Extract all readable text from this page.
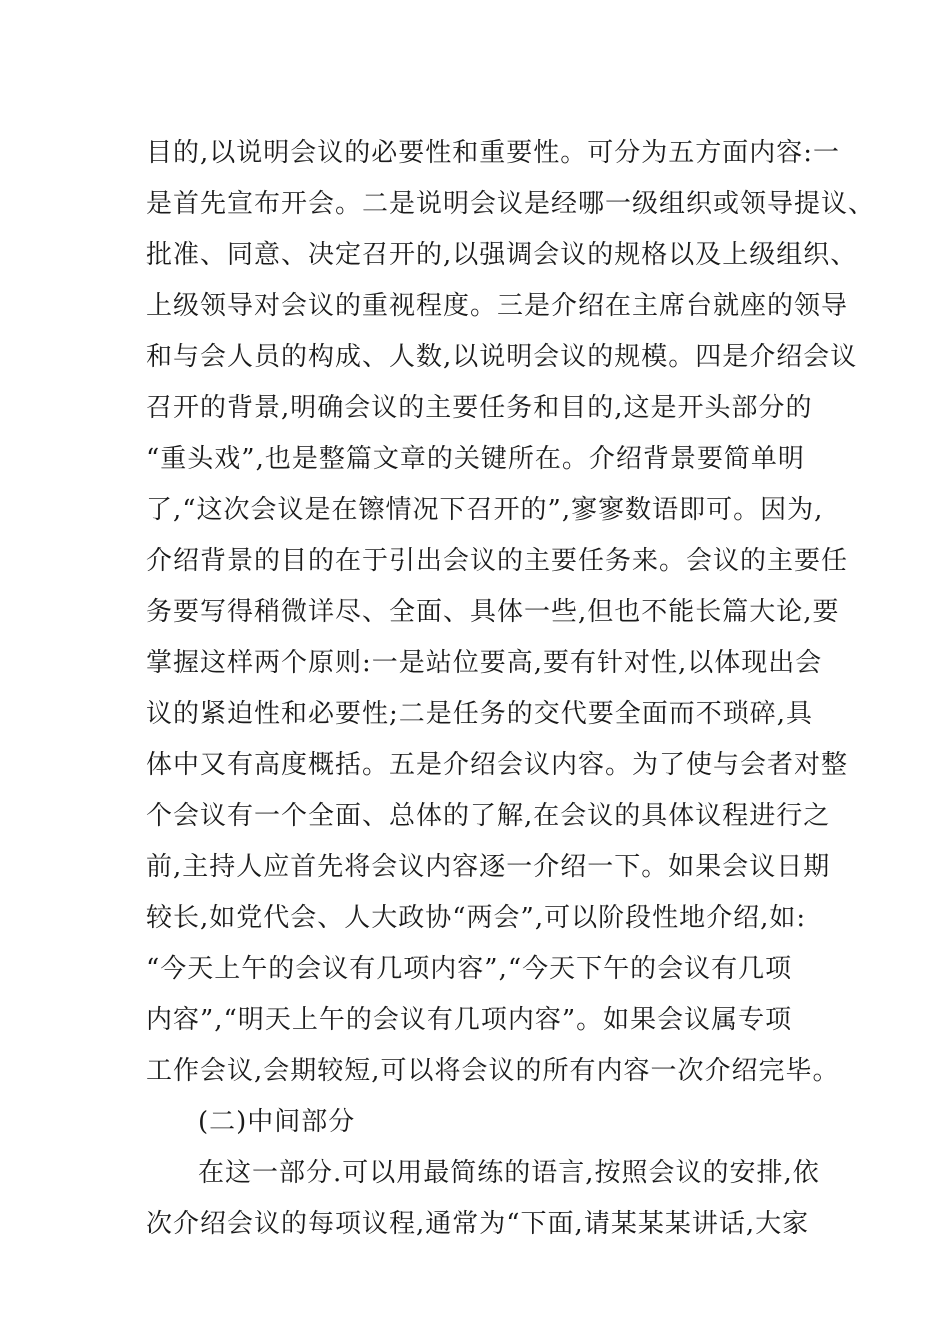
目的,以说明会议的必要性和重要性。可分为五方面内容:一
是首先宣布开会。二是说明会议是经哪一级组织或领导提议、
批准、同意、决定召开的,以强调会议的规格以及上级组织、
上级领导对会议的重视程度。三是介绍在主席台就座的领导
和与会人员的构成、人数,以说明会议的规模。四是介绍会议
召开的背景,明确会议的主要任务和目的,这是开头部分的
“重头戏”,也是整篇文章的关键所在。介绍背景要简单明
了,“这次会议是在镲情况下召开的”,寥寥数语即可。因为,
介绍背景的目的在于引出会议的主要任务来。会议的主要任
务要写得稍微详尽、全面、具体一些,但也不能长篇大论,要
掌握这样两个原则:一是站位要高,要有针对性,以体现出会
议的紧迫性和必要性;二是任务的交代要全面而不琐碎,具
体中又有高度概括。五是介绍会议内容。为了使与会者对整
个会议有一个全面、总体的了解,在会议的具体议程进行之
前,主持人应首先将会议内容逐一介绍一下。如果会议日期
较长,如党代会、人大政协“两会”,可以阶段性地介绍,如:
“今天上午的会议有几项内容”,“今天下午的会议有几项
内容”,“明天上午的会议有几项内容”。如果会议属专项
工作会议,会期较短,可以将会议的所有内容一次介绍完毕。
(二)中间部分
在这一部分.可以用最简练的语言,按照会议的安排,依
次介绍会议的每项议程,通常为“下面,请某某某讲话,大家
